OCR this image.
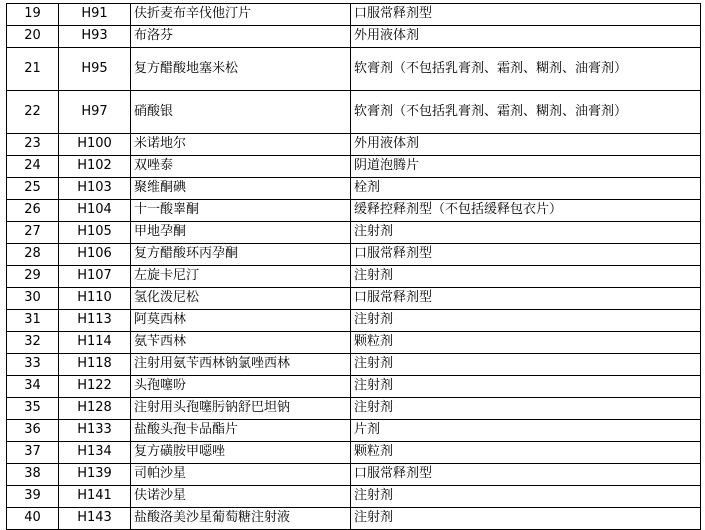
19	H91	伕折麦布辛伐他汀片	口服常释剂型
20	H93	布洛芬	外用液体剂
21	H95	复方醋酸地塞米松	软膏剂（不包括乳膏剂、霜剂、糊剂、油膏剂）
22	H97	硝酸银	软膏剂（不包括乳膏剂、霜剂、糊剂、油膏剂）
23	H100	米诺地尔	外用液体剂
24	H102	双唑泰	阴道泡腾片
25	H103	聚维酮碘	栓剂
26	H104	十一酸睾酮	缓释控释剂型（不包括缓释包衣片）
27	H105	甲地孕酮	注射剂
28	H106	复方醋酸环丙孕酮	口服常释剂型
29	H107	左旋卡尼汀	注射剂
30	H110	氢化泼尼松	口服常释剂型
31	H113	阿莫西林	注射剂
32	H114	氨苄西林	颗粒剂
33	H118	注射用氨苄西林钠氯唑西林	注射剂
34	H122	头孢噻吩	注射剂
35	H128	注射用头孢噻肟钠舒巴坦钠	注射剂
36	H133	盐酸头孢卡品酯片	片剂
37	H134	复方磺胺甲噁唑	颗粒剂
38	H139	司帕沙星	口服常释剂型
39	H141	伕诺沙星	注射剂
40	H143	盐酸洛美沙星葡萄糖注射液	注射剂
